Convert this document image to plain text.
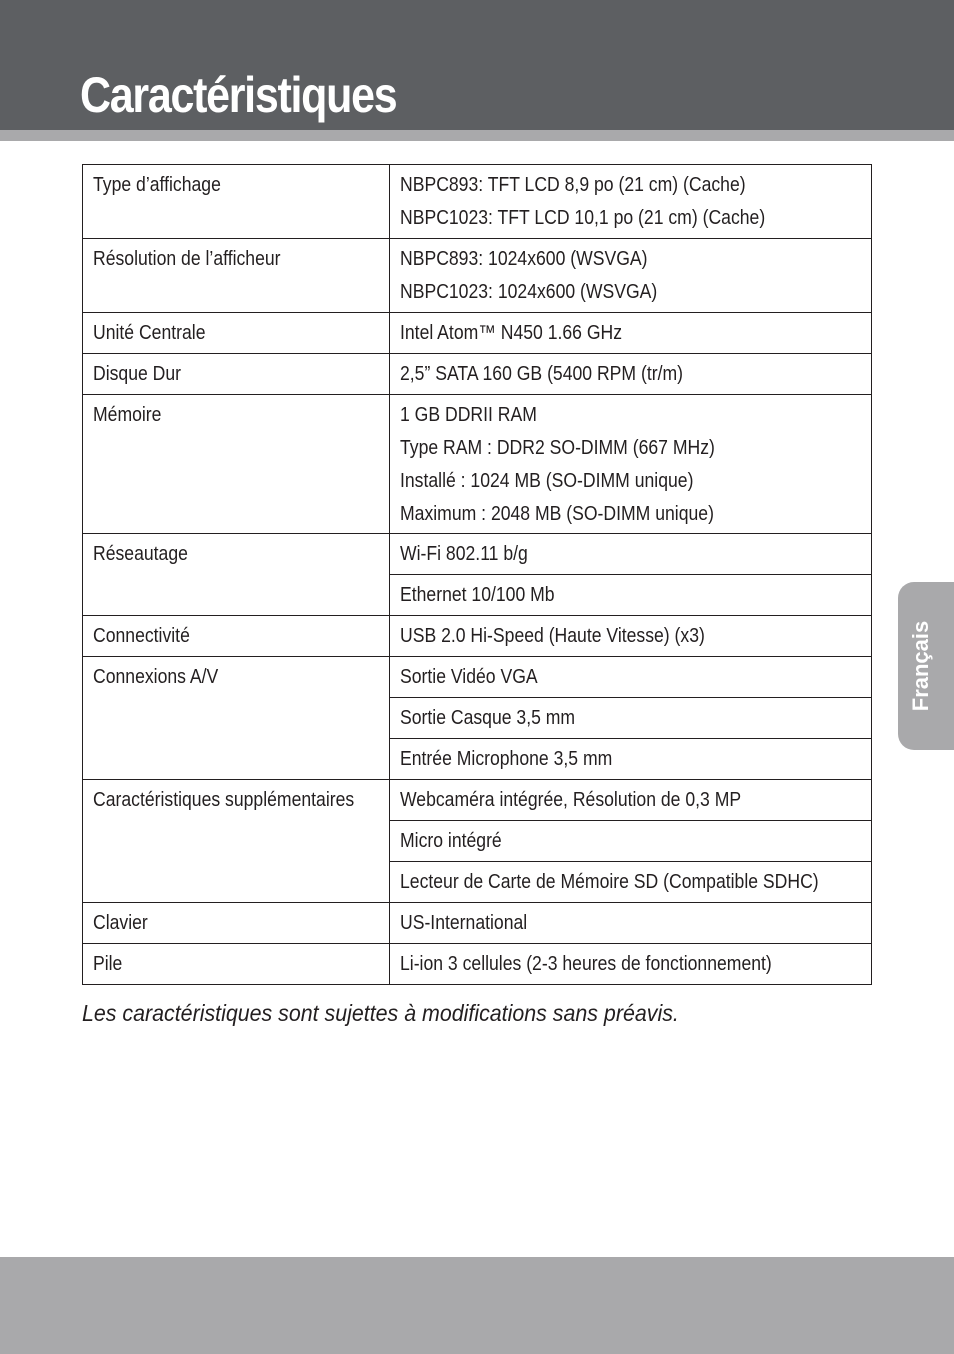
Caractéristiques
Français
Type d’affichage	NBPC893: TFT LCD 8,9 po (21 cm) (Cache)
NBPC1023: TFT LCD 10,1 po (21 cm) (Cache)

Résolution de l’afficheur	NBPC893: 1024x600 (WSVGA)
NBPC1023: 1024x600 (WSVGA)

Unité Centrale	Intel Atom™ N450 1.66 GHz

Disque Dur	2,5” SATA 160 GB (5400 RPM (tr/m)

Mémoire	1 GB DDRII RAM
Type RAM : DDR2 SO-DIMM (667 MHz)
Installé : 1024 MB (SO-DIMM unique)
Maximum : 2048 MB (SO-DIMM unique)

Réseautage	Wi-Fi 802.11 b/g

	Ethernet 10/100 Mb

Connectivité	USB 2.0 Hi-Speed (Haute Vitesse) (x3)

Connexions A/V	Sortie Vidéo VGA

	Sortie Casque 3,5 mm

	Entrée Microphone 3,5 mm

Caractéristiques supplémentaires	Webcaméra intégrée, Résolution de 0,3 MP

	Micro intégré

	Lecteur de Carte de Mémoire SD (Compatible SDHC)

Clavier	US-International

Pile	Li-ion 3 cellules (2-3 heures de fonctionnement)

Les caractéristiques sont sujettes à modifications sans préavis.
